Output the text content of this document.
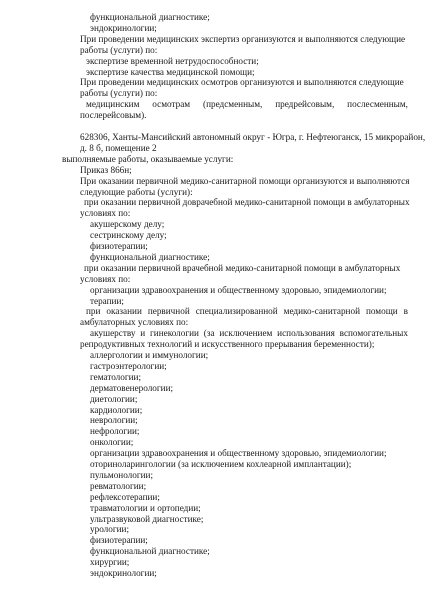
функциональной диагностике;
эндокринологии;
При проведении медицинских экспертиз организуются и выполняются следующие
работы (услуги) по:
экспертизе временной нетрудоспособности;
экспертизе качества медицинской помощи;
При проведении медицинских осмотров организуются и выполняются следующие
работы (услуги) по:
медицинским осмотрам (предсменным, предрейсовым, послесменным,
послерейсовым).
628306, Ханты-Мансийский автономный округ - Югра, г. Нефтеюганск, 15 микрорайон,
д. 8 б, помещение 2
выполняемые работы, оказываемые услуги:
Приказ 866н;
При оказании первичной медико-санитарной помощи организуются и выполняются
следующие работы (услуги):
при оказании первичной доврачебной медико-санитарной помощи в амбулаторных
условиях по:
акушерскому делу;
сестринскому делу;
физиотерапии;
функциональной диагностике;
при оказании первичной врачебной медико-санитарной помощи в амбулаторных
условиях по:
организации здравоохранения и общественному здоровью, эпидемиологии;
терапии;
при оказании первичной специализированной медико-санитарной помощи в
амбулаторных условиях по:
акушерству и гинекологии (за исключением использования вспомогательных
репродуктивных технологий и искусственного прерывания беременности);
аллергологии и иммунологии;
гастроэнтерологии;
гематологии;
дерматовенерологии;
диетологии;
кардиологии;
неврологии;
нефрологии;
онкологии;
организации здравоохранения и общественному здоровью, эпидемиологии;
оториноларингологии (за исключением кохлеарной имплантации);
пульмонологии;
ревматологии;
рефлексотерапии;
травматологии и ортопедии;
ультразвуковой диагностике;
урологии;
физиотерапии;
функциональной диагностике;
хирургии;
эндокринологии;
